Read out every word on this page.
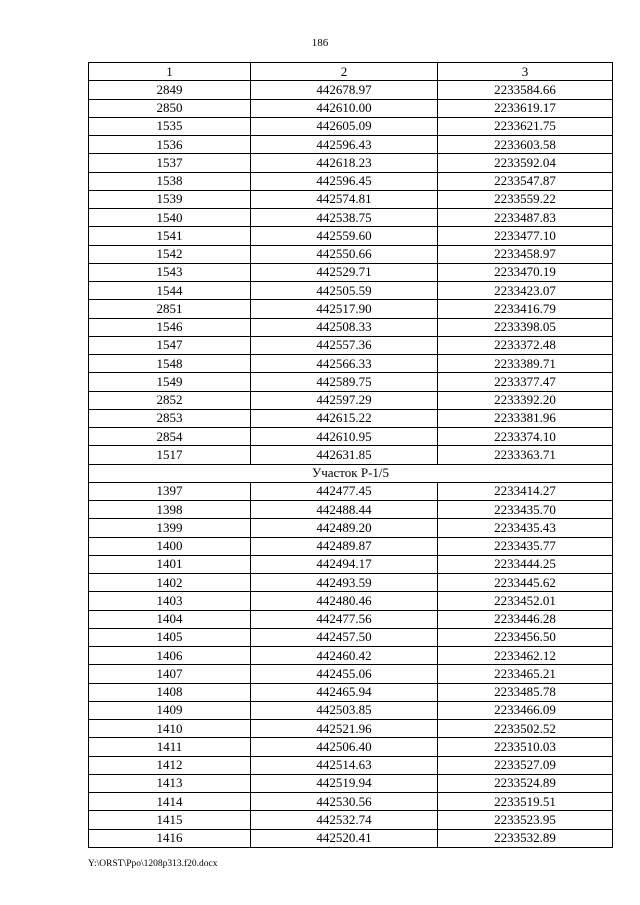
186
1	2	3
2849	442678.97	2233584.66
2850	442610.00	2233619.17
1535	442605.09	2233621.75
1536	442596.43	2233603.58
1537	442618.23	2233592.04
1538	442596.45	2233547.87
1539	442574.81	2233559.22
1540	442538.75	2233487.83
1541	442559.60	2233477.10
1542	442550.66	2233458.97
1543	442529.71	2233470.19
1544	442505.59	2233423.07
2851	442517.90	2233416.79
1546	442508.33	2233398.05
1547	442557.36	2233372.48
1548	442566.33	2233389.71
1549	442589.75	2233377.47
2852	442597.29	2233392.20
2853	442615.22	2233381.96
2854	442610.95	2233374.10
1517	442631.85	2233363.71
Участок Р-1/5		
1397	442477.45	2233414.27
1398	442488.44	2233435.70
1399	442489.20	2233435.43
1400	442489.87	2233435.77
1401	442494.17	2233444.25
1402	442493.59	2233445.62
1403	442480.46	2233452.01
1404	442477.56	2233446.28
1405	442457.50	2233456.50
1406	442460.42	2233462.12
1407	442455.06	2233465.21
1408	442465.94	2233485.78
1409	442503.85	2233466.09
1410	442521.96	2233502.52
1411	442506.40	2233510.03
1412	442514.63	2233527.09
1413	442519.94	2233524.89
1414	442530.56	2233519.51
1415	442532.74	2233523.95
1416	442520.41	2233532.89
Y:\ORST\Ppo\1208p313.f20.docx
